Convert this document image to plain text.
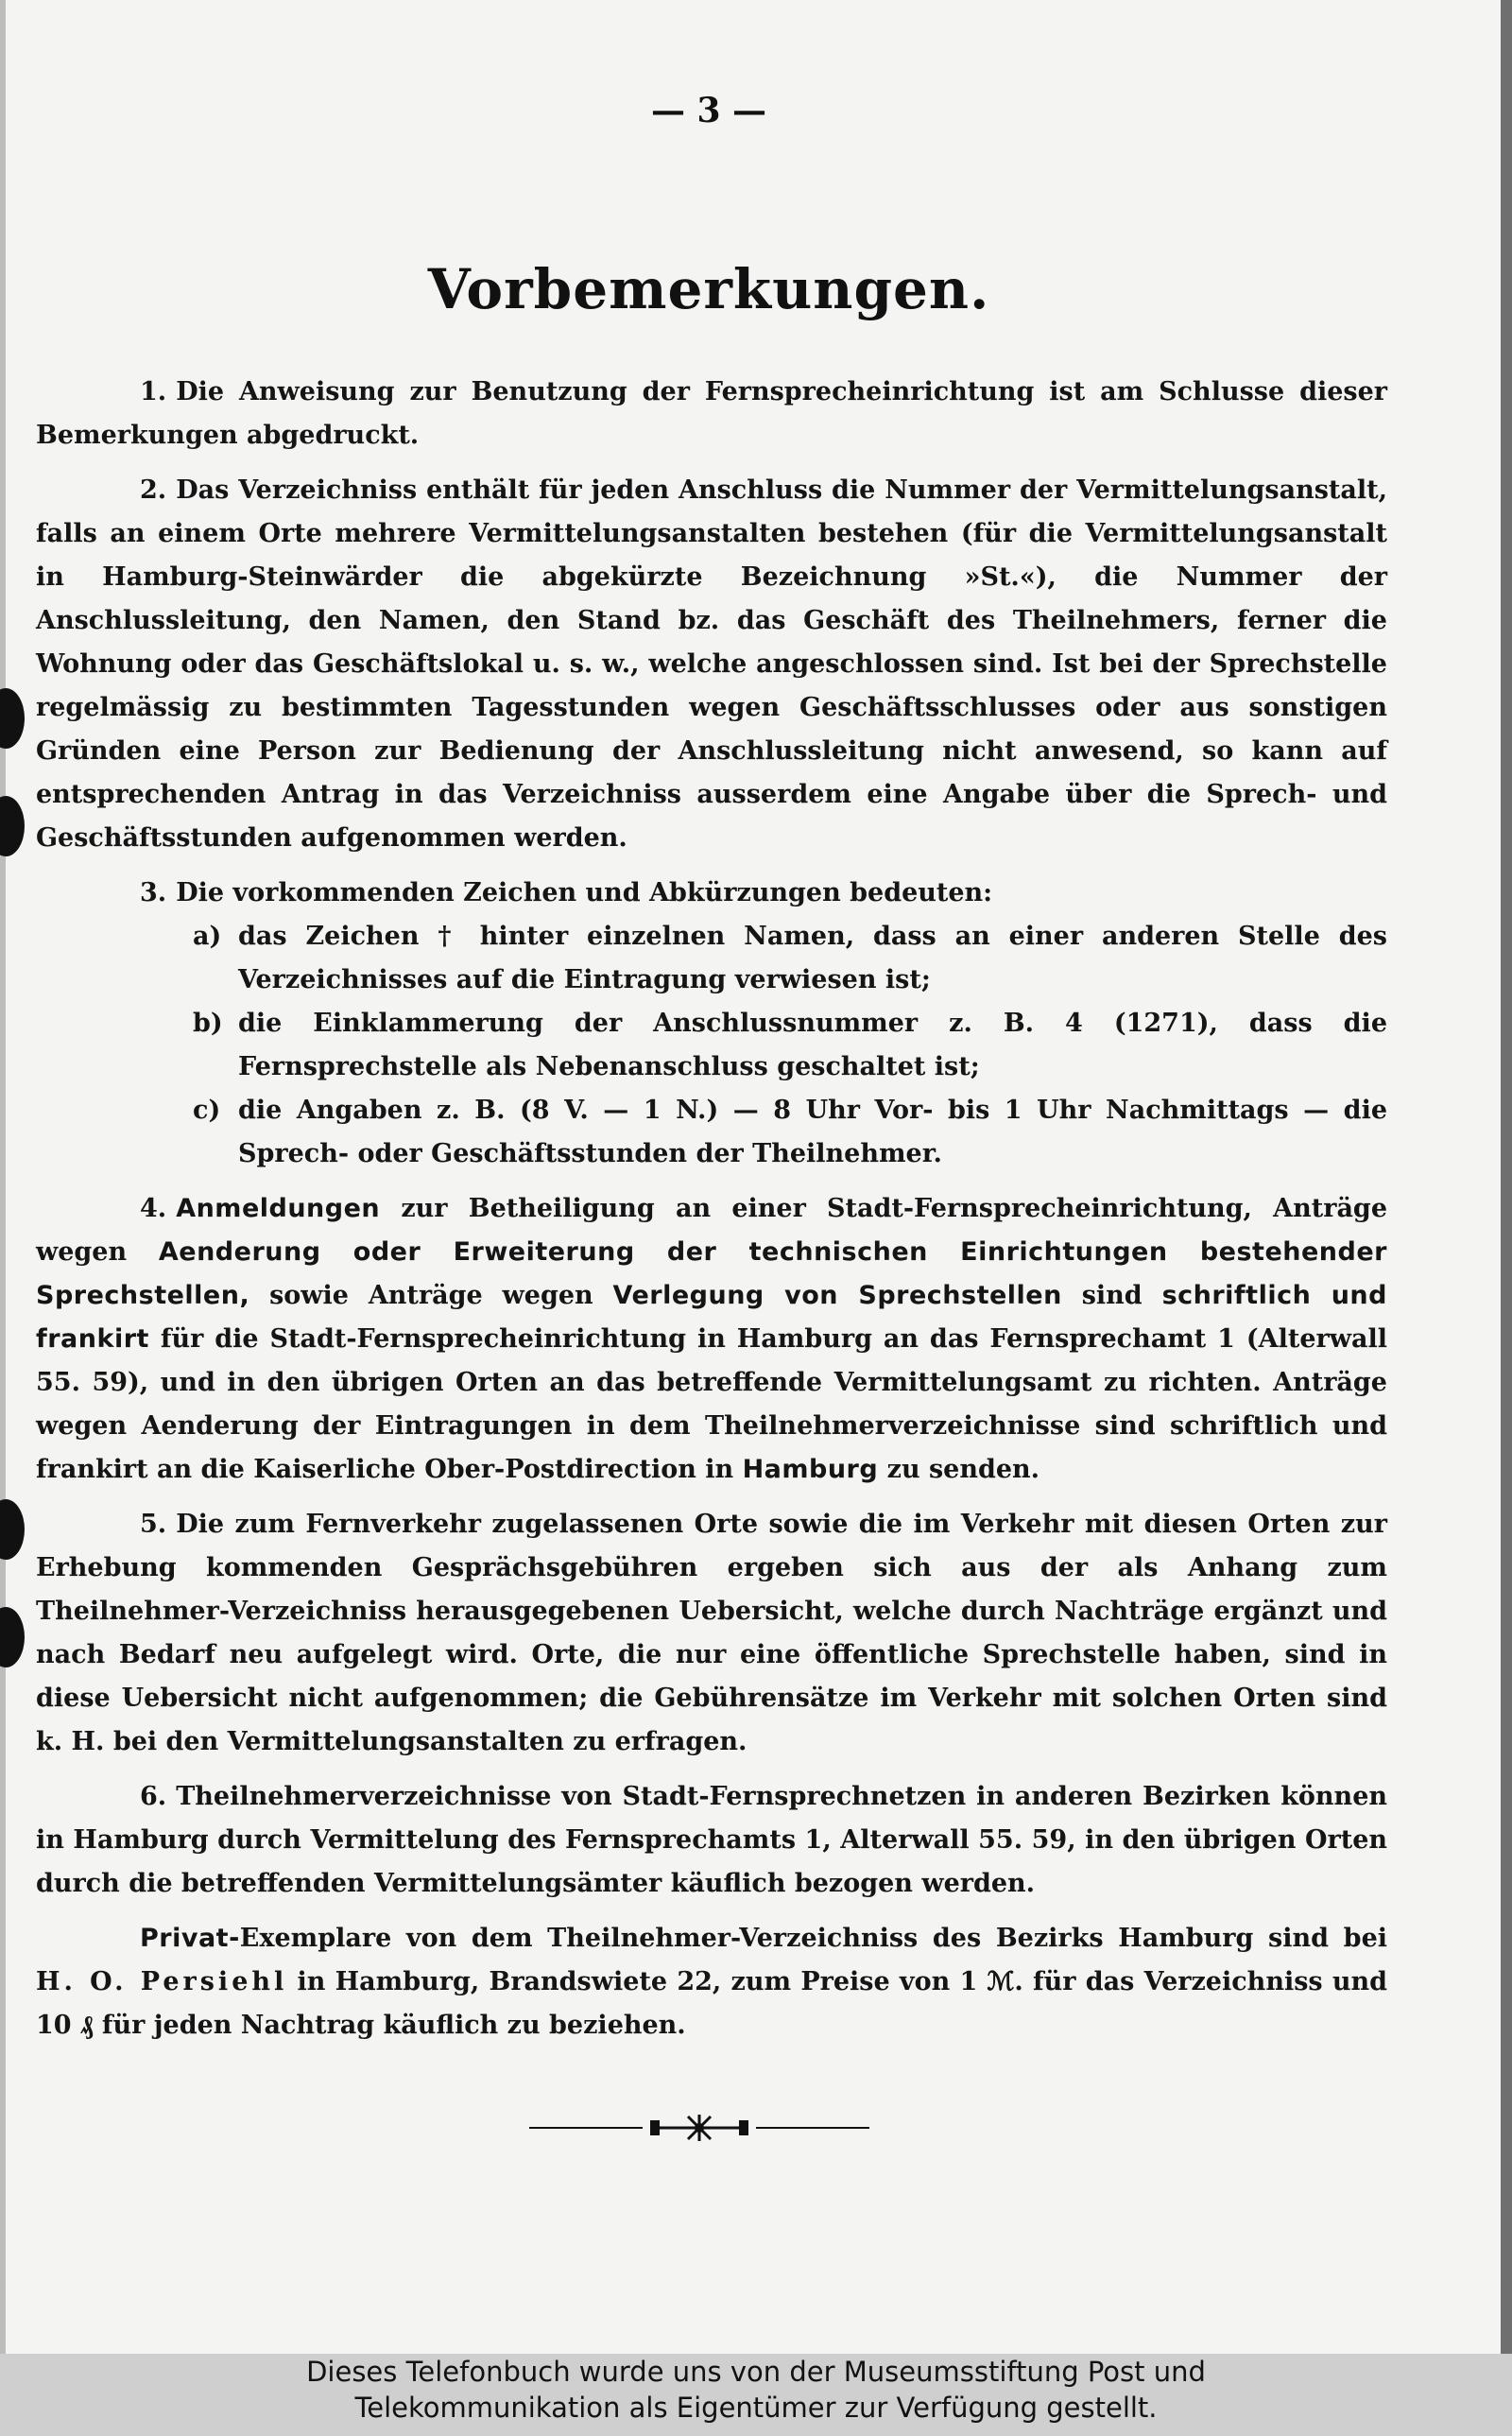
— 3 —
Vorbemerkungen.

1. Die Anweisung zur Benutzung der Fernsprecheinrichtung ist am Schlusse dieser Bemerkungen abgedruckt.

2. Das Verzeichniss enthält für jeden Anschluss die Nummer der Vermittelungsanstalt, falls an einem Orte mehrere Vermittelungsanstalten bestehen (für die Vermittelungsanstalt in Hamburg-Steinwärder die abgekürzte Bezeichnung »St.«), die Nummer der Anschlussleitung, den Namen, den Stand bz. das Geschäft des Theilnehmers, ferner die Wohnung oder das Geschäftslokal u. s. w., welche angeschlossen sind. Ist bei der Sprechstelle regelmässig zu bestimmten Tagesstunden wegen Geschäftsschlusses oder aus sonstigen Gründen eine Person zur Bedienung der Anschlussleitung nicht anwesend, so kann auf entsprechenden Antrag in das Verzeichniss ausserdem eine Angabe über die Sprech- und Geschäftsstunden aufgenommen werden.

3. Die vorkommenden Zeichen und Abkürzungen bedeuten:

a) das Zeichen † hinter einzelnen Namen, dass an einer anderen Stelle des Verzeichnisses auf die Eintragung verwiesen ist;

b) die Einklammerung der Anschlussnummer z. B. 4 (1271), dass die Fernsprechstelle als Nebenanschluss geschaltet ist;

c) die Angaben z. B. (8 V. — 1 N.) — 8 Uhr Vor- bis 1 Uhr Nachmittags — die Sprech- oder Geschäftsstunden der Theilnehmer.

4. Anmeldungen zur Betheiligung an einer Stadt-Fernsprecheinrichtung, Anträge wegen Aenderung oder Erweiterung der technischen Einrichtungen bestehender Sprechstellen, sowie Anträge wegen Verlegung von Sprechstellen sind schriftlich und frankirt für die Stadt-Fernsprecheinrichtung in Hamburg an das Fernsprechamt 1 (Alterwall 55. 59), und in den übrigen Orten an das betreffende Vermittelungsamt zu richten. Anträge wegen Aenderung der Eintragungen in dem Theilnehmerverzeichnisse sind schriftlich und frankirt an die Kaiserliche Ober-Postdirection in Hamburg zu senden.

5. Die zum Fernverkehr zugelassenen Orte sowie die im Verkehr mit diesen Orten zur Erhebung kommenden Gesprächsgebühren ergeben sich aus der als Anhang zum Theilnehmer-Verzeichniss herausgegebenen Uebersicht, welche durch Nachträge ergänzt und nach Bedarf neu aufgelegt wird. Orte, die nur eine öffentliche Sprechstelle haben, sind in diese Uebersicht nicht aufgenommen; die Gebührensätze im Verkehr mit solchen Orten sind k. H. bei den Vermittelungsanstalten zu erfragen.

6. Theilnehmerverzeichnisse von Stadt-Fernsprechnetzen in anderen Bezirken können in Hamburg durch Vermittelung des Fernsprechamts 1, Alterwall 55. 59, in den übrigen Orten durch die betreffenden Vermittelungsämter käuflich bezogen werden.

Privat-Exemplare von dem Theilnehmer-Verzeichniss des Bezirks Hamburg sind bei H. O. Persiehl in Hamburg, Brandswiete 22, zum Preise von 1 ℳ. für das Verzeichniss und 10 ₰ für jeden Nachtrag käuflich zu beziehen.

Dieses Telefonbuch wurde uns von der Museumsstiftung Post und
Telekommunikation als Eigentümer zur Verfügung gestellt.
